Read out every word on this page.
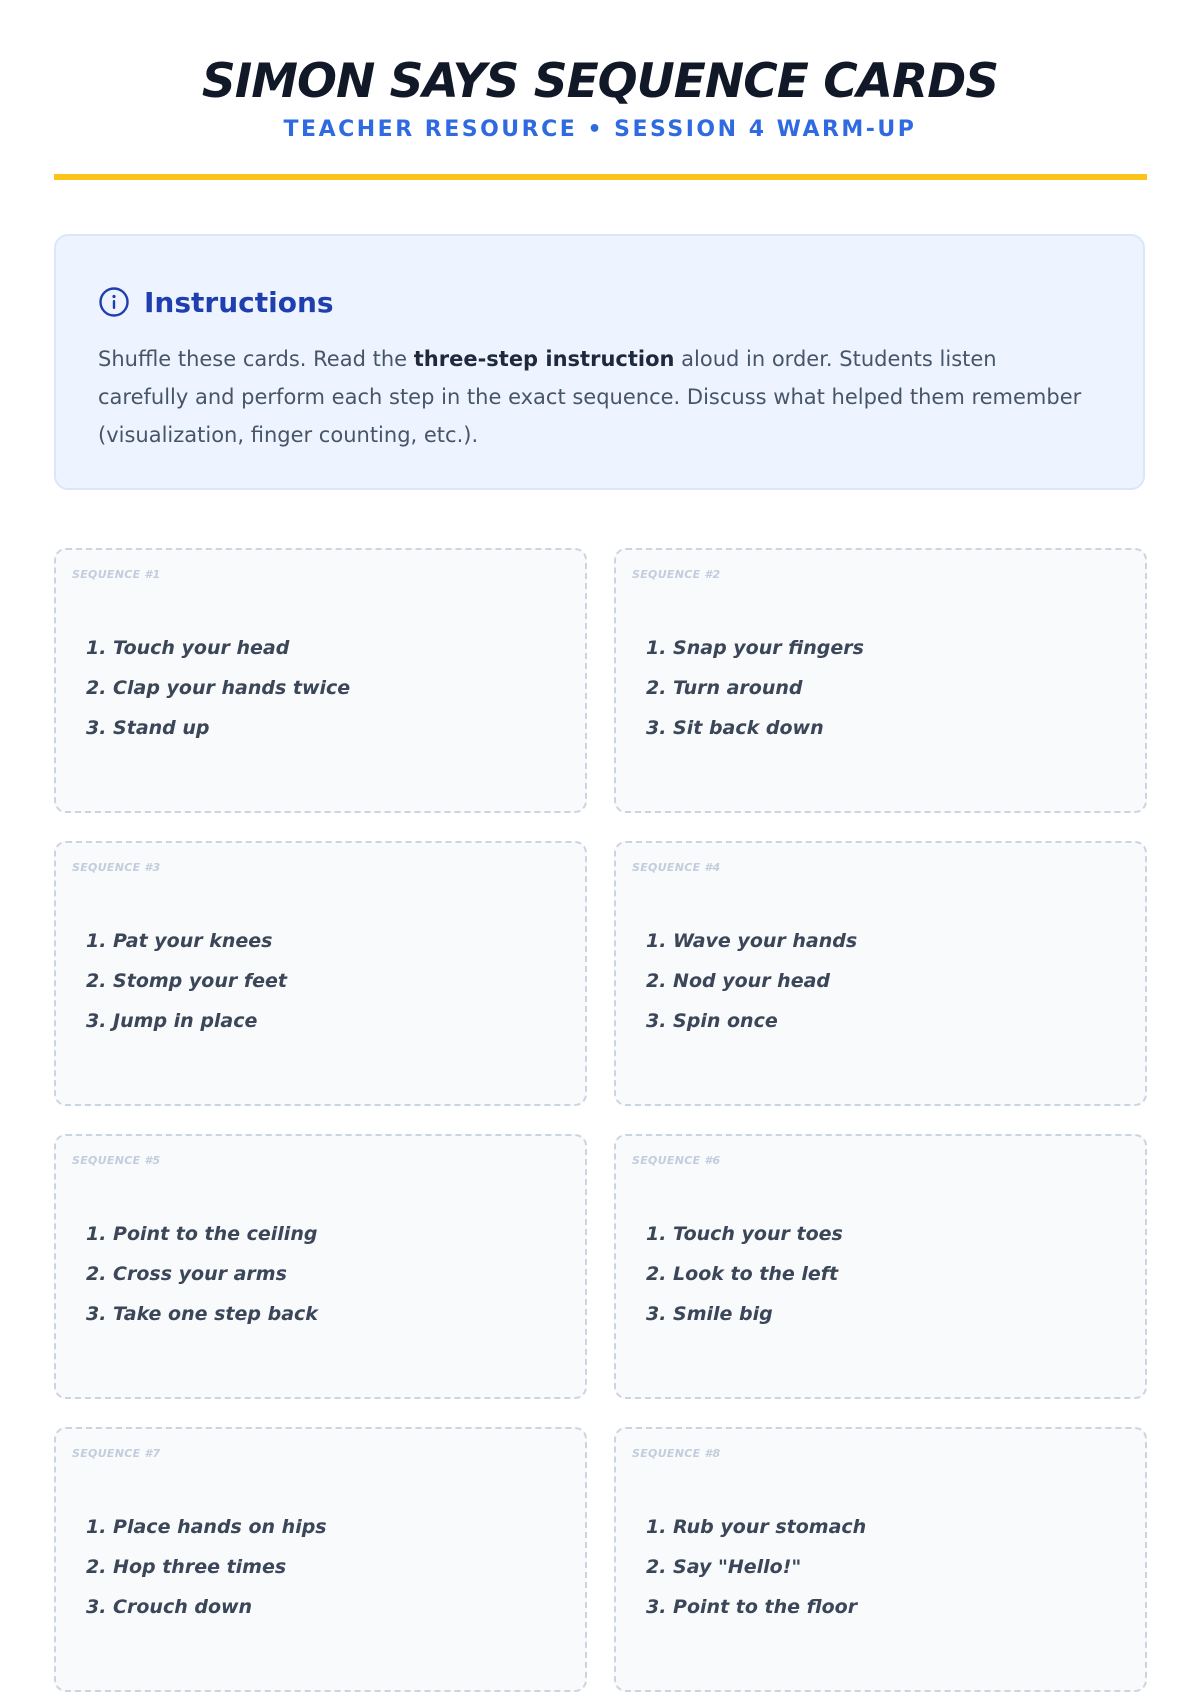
SIMON SAYS SEQUENCE CARDS
TEACHER RESOURCE • SESSION 4 WARM-UP
Instructions
Shuffle these cards. Read the three-step instruction aloud in order. Students listen carefully and perform each step in the exact sequence. Discuss what helped them remember (visualization, finger counting, etc.).
SEQUENCE #1
1. Touch your head
2. Clap your hands twice
3. Stand up
SEQUENCE #2
1. Snap your fingers
2. Turn around
3. Sit back down
SEQUENCE #3
1. Pat your knees
2. Stomp your feet
3. Jump in place
SEQUENCE #4
1. Wave your hands
2. Nod your head
3. Spin once
SEQUENCE #5
1. Point to the ceiling
2. Cross your arms
3. Take one step back
SEQUENCE #6
1. Touch your toes
2. Look to the left
3. Smile big
SEQUENCE #7
1. Place hands on hips
2. Hop three times
3. Crouch down
SEQUENCE #8
1. Rub your stomach
2. Say "Hello!"
3. Point to the floor
